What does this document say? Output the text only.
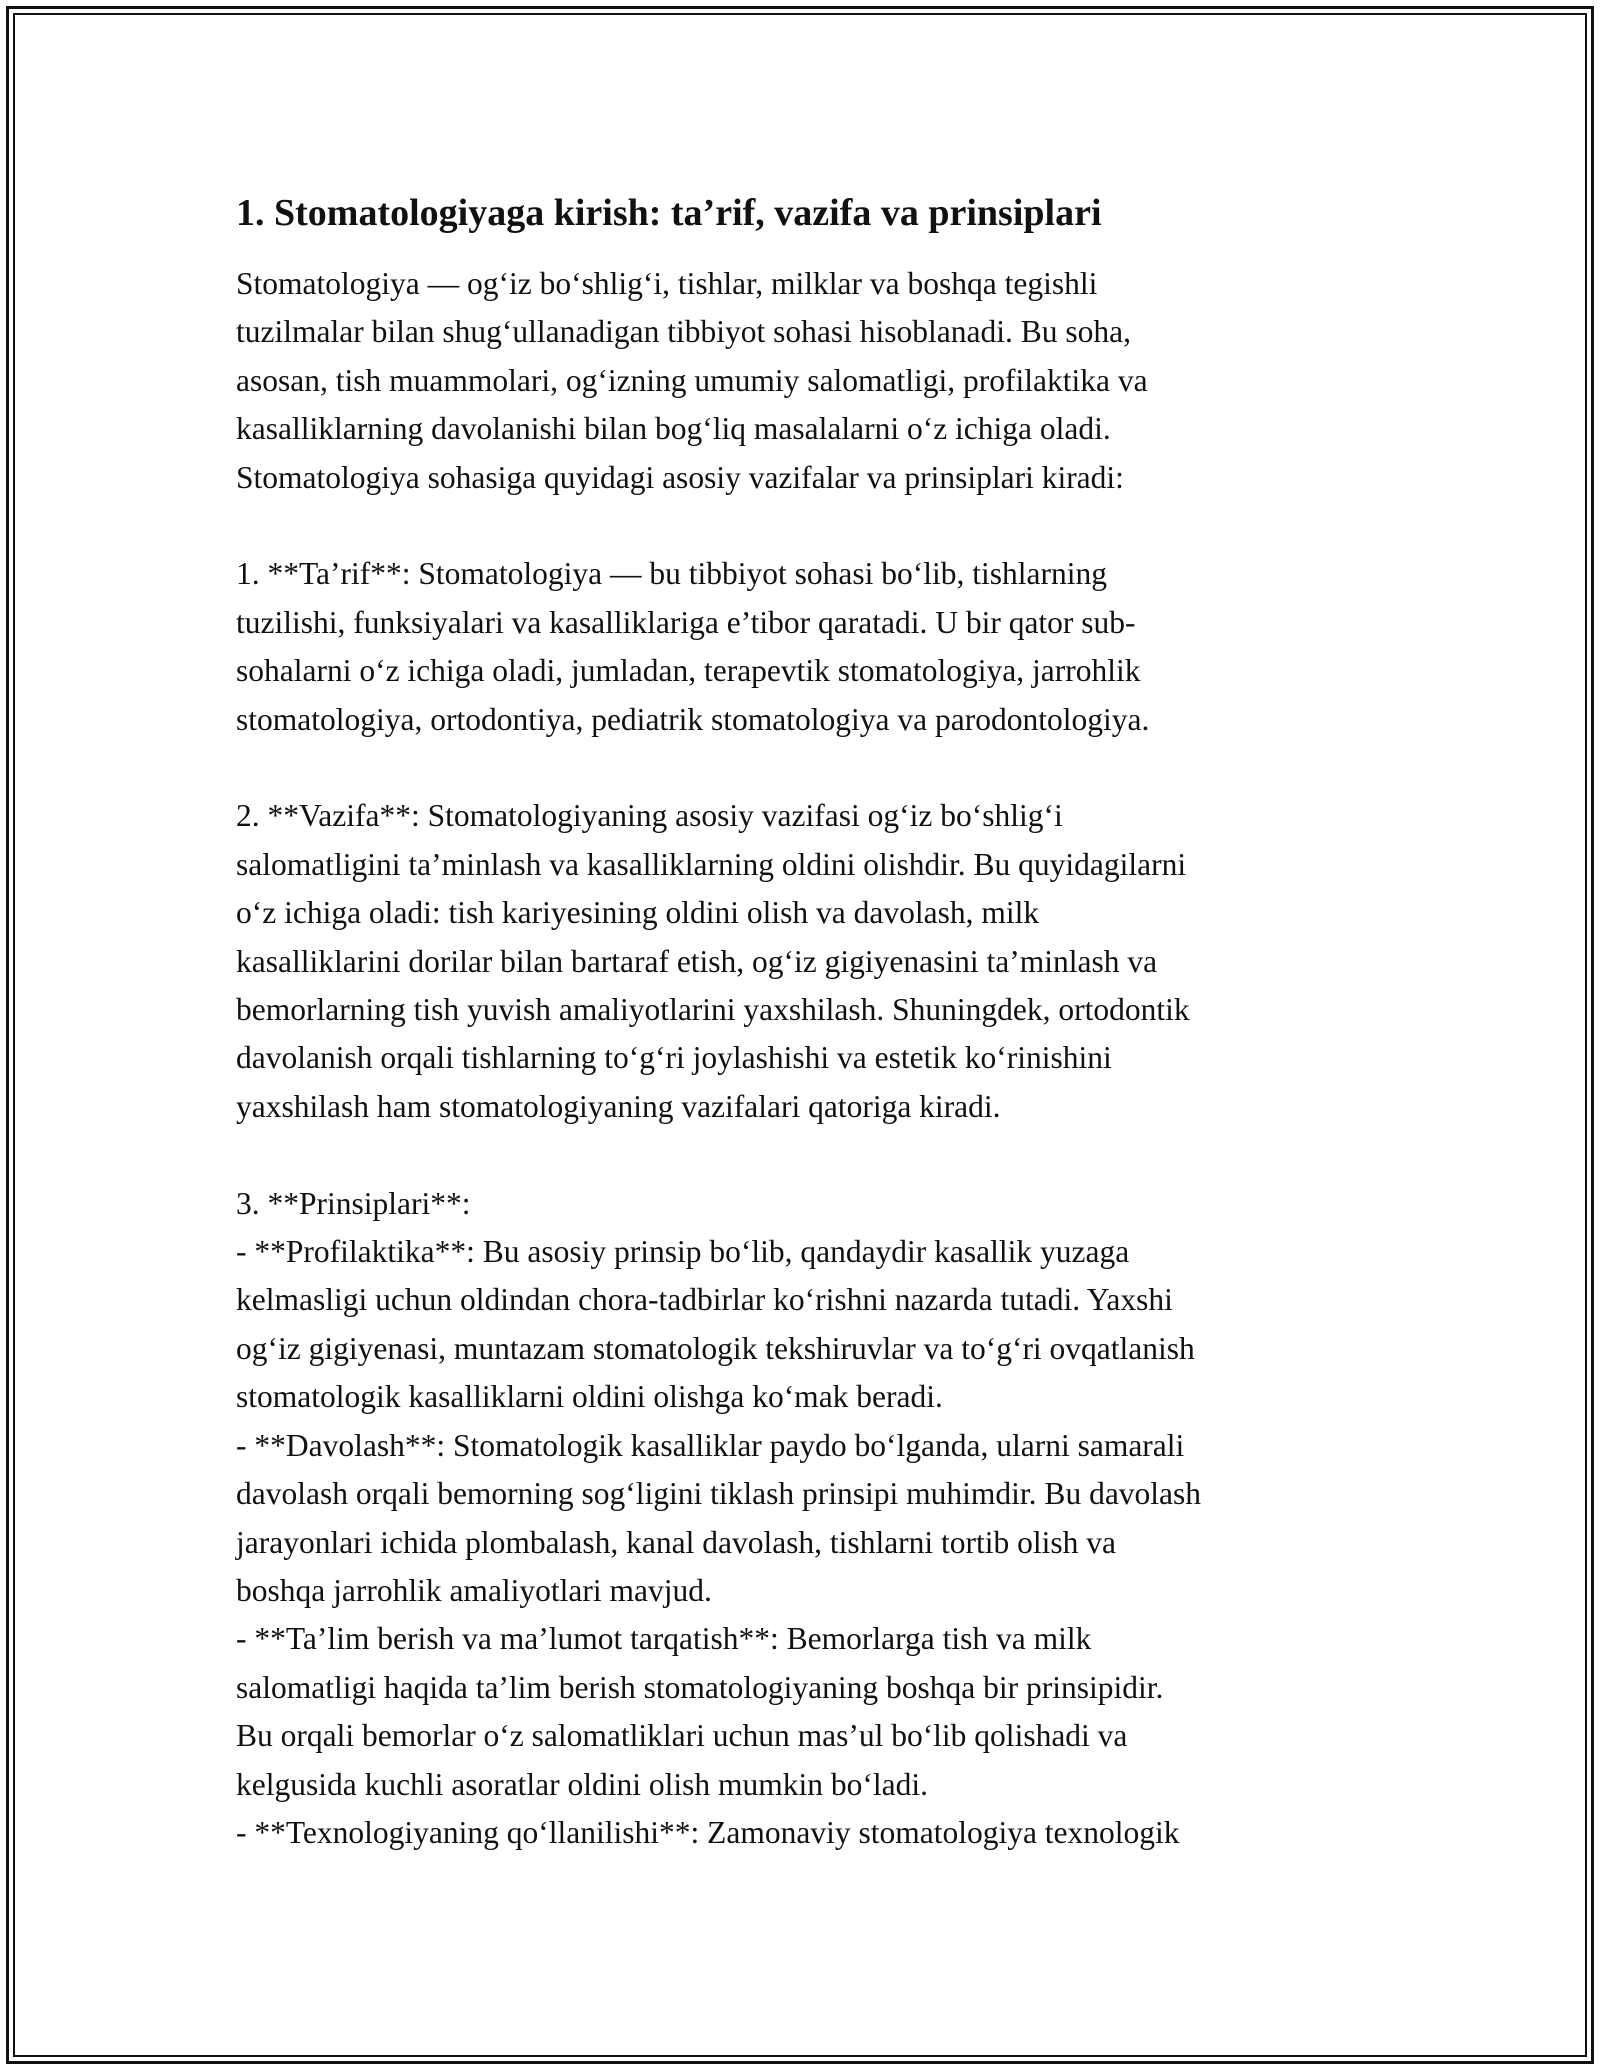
1. Stomatologiyaga kirish: ta’rif, vazifa va prinsiplari

Stomatologiya — og‘iz bo‘shlig‘i, tishlar, milklar va boshqa tegishli
tuzilmalar bilan shug‘ullanadigan tibbiyot sohasi hisoblanadi. Bu soha,
asosan, tish muammolari, og‘izning umumiy salomatligi, profilaktika va
kasalliklarning davolanishi bilan bog‘liq masalalarni o‘z ichiga oladi.
Stomatologiya sohasiga quyidagi asosiy vazifalar va prinsiplari kiradi:

1. **Ta’rif**: Stomatologiya — bu tibbiyot sohasi bo‘lib, tishlarning
tuzilishi, funksiyalari va kasalliklariga e’tibor qaratadi. U bir qator sub-
sohalarni o‘z ichiga oladi, jumladan, terapevtik stomatologiya, jarrohlik
stomatologiya, ortodontiya, pediatrik stomatologiya va parodontologiya.

2. **Vazifa**: Stomatologiyaning asosiy vazifasi og‘iz bo‘shlig‘i
salomatligini ta’minlash va kasalliklarning oldini olishdir. Bu quyidagilarni
o‘z ichiga oladi: tish kariyesining oldini olish va davolash, milk
kasalliklarini dorilar bilan bartaraf etish, og‘iz gigiyenasini ta’minlash va
bemorlarning tish yuvish amaliyotlarini yaxshilash. Shuningdek, ortodontik
davolanish orqali tishlarning to‘g‘ri joylashishi va estetik ko‘rinishini
yaxshilash ham stomatologiyaning vazifalari qatoriga kiradi.

3. **Prinsiplari**:
- **Profilaktika**: Bu asosiy prinsip bo‘lib, qandaydir kasallik yuzaga
kelmasligi uchun oldindan chora-tadbirlar ko‘rishni nazarda tutadi. Yaxshi
og‘iz gigiyenasi, muntazam stomatologik tekshiruvlar va to‘g‘ri ovqatlanish
stomatologik kasalliklarni oldini olishga ko‘mak beradi.
- **Davolash**: Stomatologik kasalliklar paydo bo‘lganda, ularni samarali
davolash orqali bemorning sog‘ligini tiklash prinsipi muhimdir. Bu davolash
jarayonlari ichida plombalash, kanal davolash, tishlarni tortib olish va
boshqa jarrohlik amaliyotlari mavjud.
- **Ta’lim berish va ma’lumot tarqatish**: Bemorlarga tish va milk
salomatligi haqida ta’lim berish stomatologiyaning boshqa bir prinsipidir.
Bu orqali bemorlar o‘z salomatliklari uchun mas’ul bo‘lib qolishadi va
kelgusida kuchli asoratlar oldini olish mumkin bo‘ladi.
- **Texnologiyaning qo‘llanilishi**: Zamonaviy stomatologiya texnologik
